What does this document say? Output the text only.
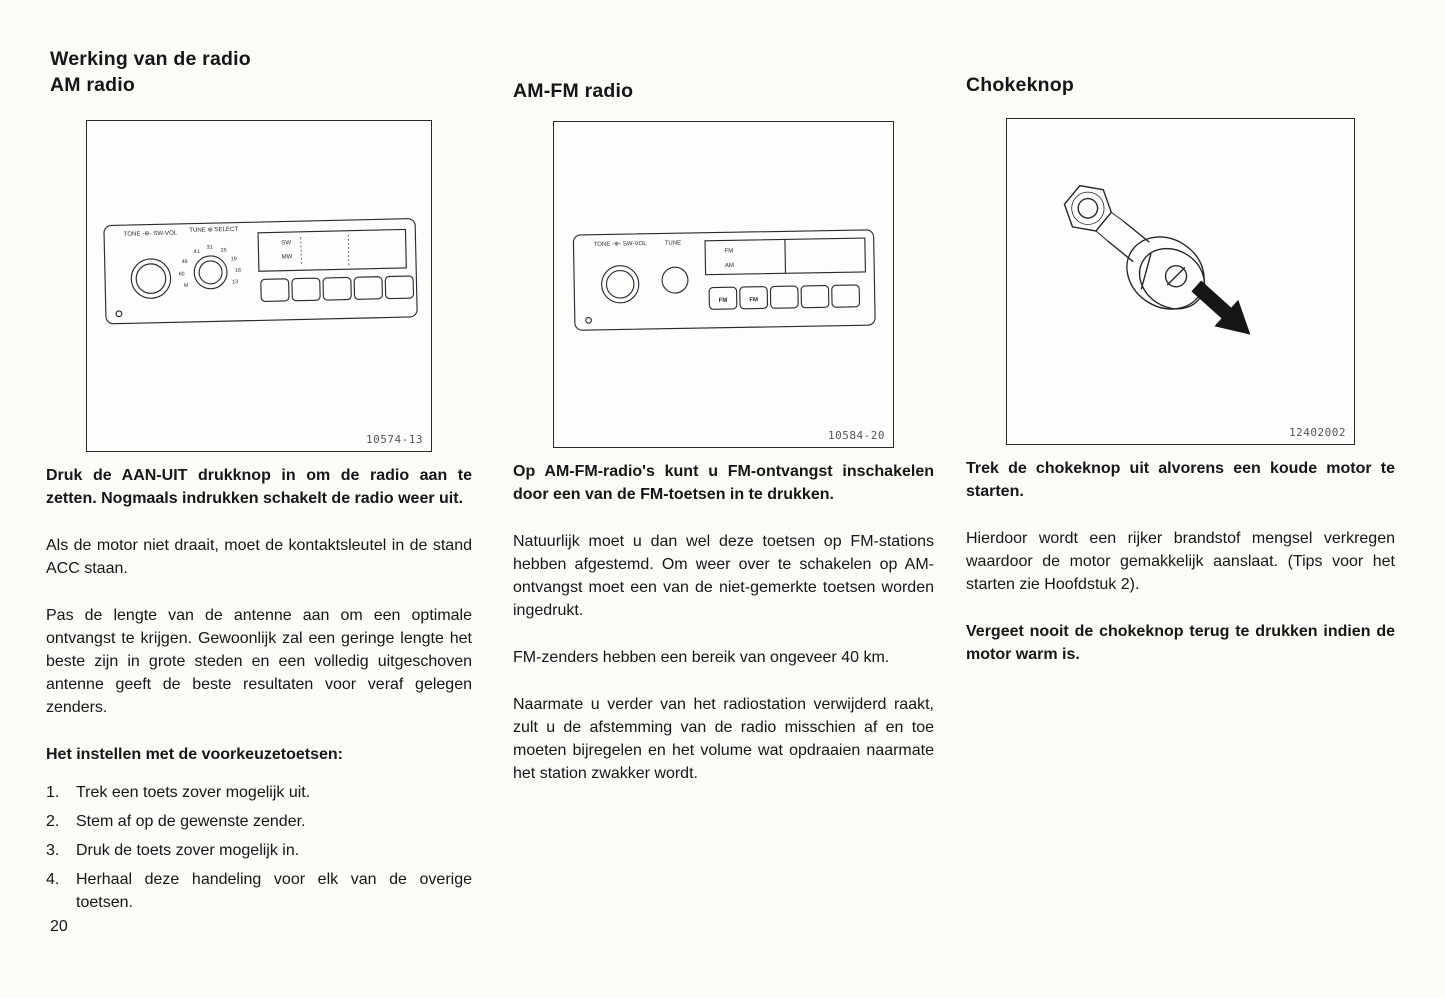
Werking van de radio
AM radio
TONE -⊕- SW-VOL TUNE ⊕ SELECT
SW
MW
49
41
31 25
19
16
13
60
M
10574-13

Druk de AAN-UIT drukknop in om de radio aan te zetten. Nogmaals indrukken schakelt de radio weer uit.

Als de motor niet draait, moet de kontaktsleutel in de stand ACC staan.

Pas de lengte van de antenne aan om een optimale ontvangst te krijgen. Gewoonlijk zal een geringe lengte het beste zijn in grote steden en een volledig uitgeschoven antenne geeft de beste resultaten voor veraf gelegen zenders.

Het instellen met de voorkeuzetoetsen:

1.	Trek een toets zover mogelijk uit.
2.	Stem af op de gewenste zender.
3.	Druk de toets zover mogelijk in.
4.	Herhaal deze handeling voor elk van de overige toetsen.
AM-FM radio
TONE -⊕- SW-VOL TUNE
FM
AM
FM	FM
10584-20

Op AM-FM-radio's kunt u FM-ontvangst inschakelen door een van de FM-toetsen in te drukken.

Natuurlijk moet u dan wel deze toetsen op FM-stations hebben afgestemd. Om weer over te schakelen op AM-ontvangst moet een van de niet-gemerkte toetsen worden ingedrukt.

FM-zenders hebben een bereik van ongeveer 40 km.

Naarmate u verder van het radiostation verwijderd raakt, zult u de afstemming van de radio misschien af en toe moeten bijregelen en het volume wat opdraaien naarmate het station zwakker wordt.

Chokeknop
12402002

Trek de chokeknop uit alvorens een koude motor te starten.

Hierdoor wordt een rijker brandstof mengsel verkregen waardoor de motor gemakkelijk aanslaat. (Tips voor het starten zie Hoofdstuk 2).

Vergeet nooit de chokeknop terug te drukken indien de motor warm is.

20
